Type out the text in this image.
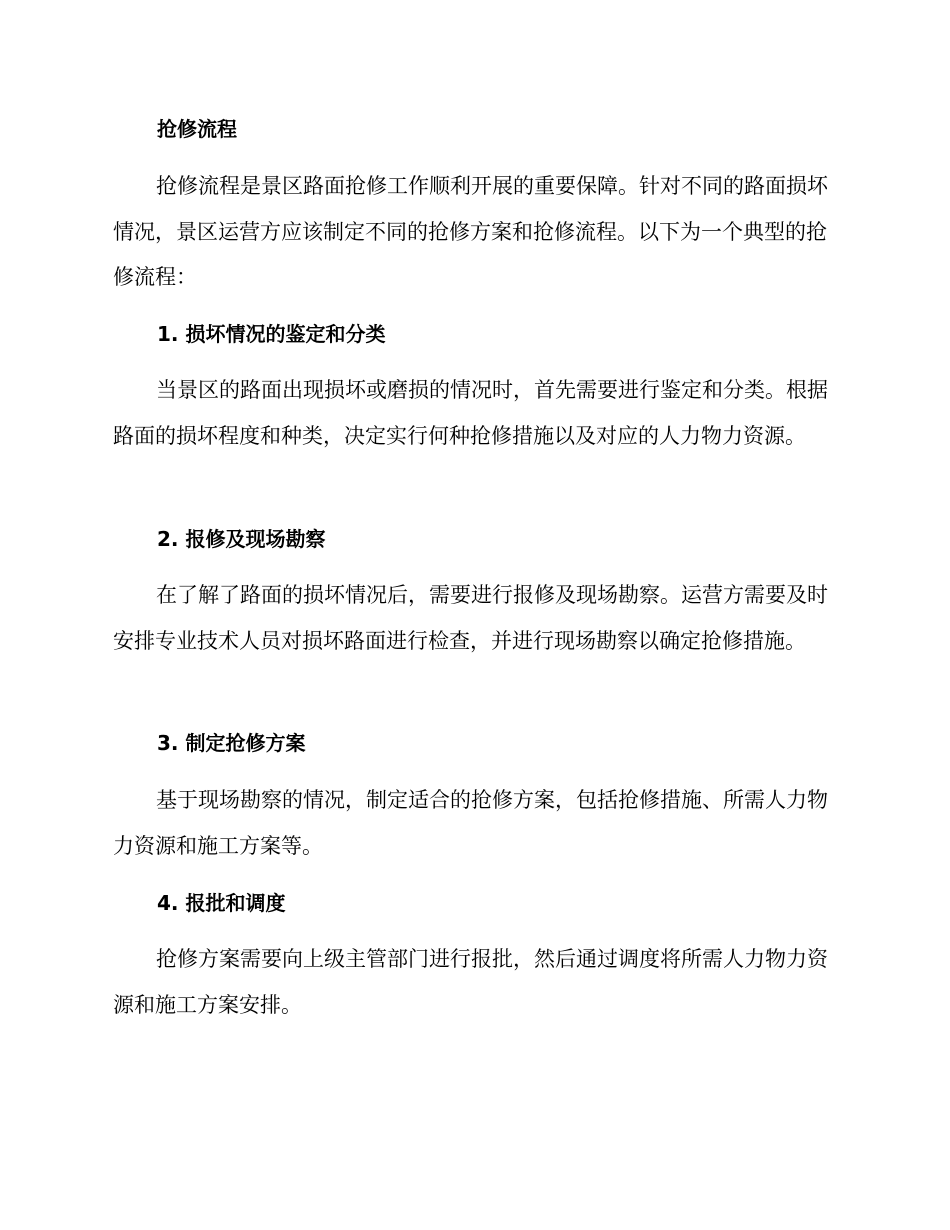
抢修流程

抢修流程是景区路面抢修工作顺利开展的重要保障。针对不同的路面损坏情况，景区运营方应该制定不同的抢修方案和抢修流程。以下为一个典型的抢修流程：

1. 损坏情况的鉴定和分类

当景区的路面出现损坏或磨损的情况时，首先需要进行鉴定和分类。根据路面的损坏程度和种类，决定实行何种抢修措施以及对应的人力物力资源。

2. 报修及现场勘察

在了解了路面的损坏情况后，需要进行报修及现场勘察。运营方需要及时安排专业技术人员对损坏路面进行检查，并进行现场勘察以确定抢修措施。

3. 制定抢修方案

基于现场勘察的情况，制定适合的抢修方案，包括抢修措施、所需人力物力资源和施工方案等。

4. 报批和调度

抢修方案需要向上级主管部门进行报批，然后通过调度将所需人力物力资源和施工方案安排。
